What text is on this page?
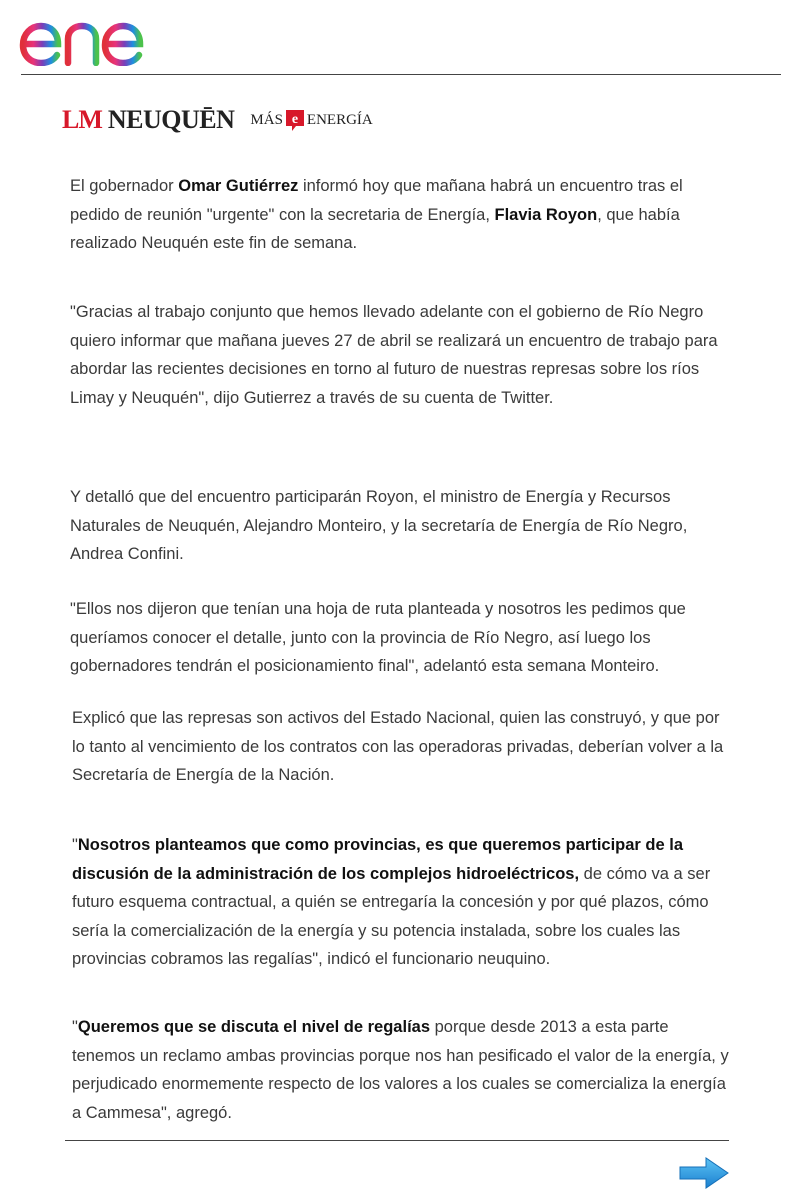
LM NEUQUĒN MÁS e ENERGÍA

El gobernador Omar Gutiérrez informó hoy que mañana habrá un encuentro tras el pedido de reunión "urgente" con la secretaria de Energía, Flavia Royon, que había realizado Neuquén este fin de semana.

"Gracias al trabajo conjunto que hemos llevado adelante con el gobierno de Río Negro quiero informar que mañana jueves 27 de abril se realizará un encuentro de trabajo para abordar las recientes decisiones en torno al futuro de nuestras represas sobre los ríos Limay y Neuquén", dijo Gutierrez a través de su cuenta de Twitter.

Y detalló que del encuentro participarán Royon, el ministro de Energía y Recursos Naturales de Neuquén, Alejandro Monteiro, y la secretaría de Energía de Río Negro, Andrea Confini.

"Ellos nos dijeron que tenían una hoja de ruta planteada y nosotros les pedimos que queríamos conocer el detalle, junto con la provincia de Río Negro, así luego los gobernadores tendrán el posicionamiento final", adelantó esta semana Monteiro.

Explicó que las represas son activos del Estado Nacional, quien las construyó, y que por lo tanto al vencimiento de los contratos con las operadoras privadas, deberían volver a la Secretaría de Energía de la Nación.

"Nosotros planteamos que como provincias, es que queremos participar de la discusión de la administración de los complejos hidroeléctricos, de cómo va a ser futuro esquema contractual, a quién se entregaría la concesión y por qué plazos, cómo sería la comercialización de la energía y su potencia instalada, sobre los cuales las provincias cobramos las regalías", indicó el funcionario neuquino.

"Queremos que se discuta el nivel de regalías porque desde 2013 a esta parte tenemos un reclamo ambas provincias porque nos han pesificado el valor de la energía, y perjudicado enormemente respecto de los valores a los cuales se comercializa la energía a Cammesa", agregó.
